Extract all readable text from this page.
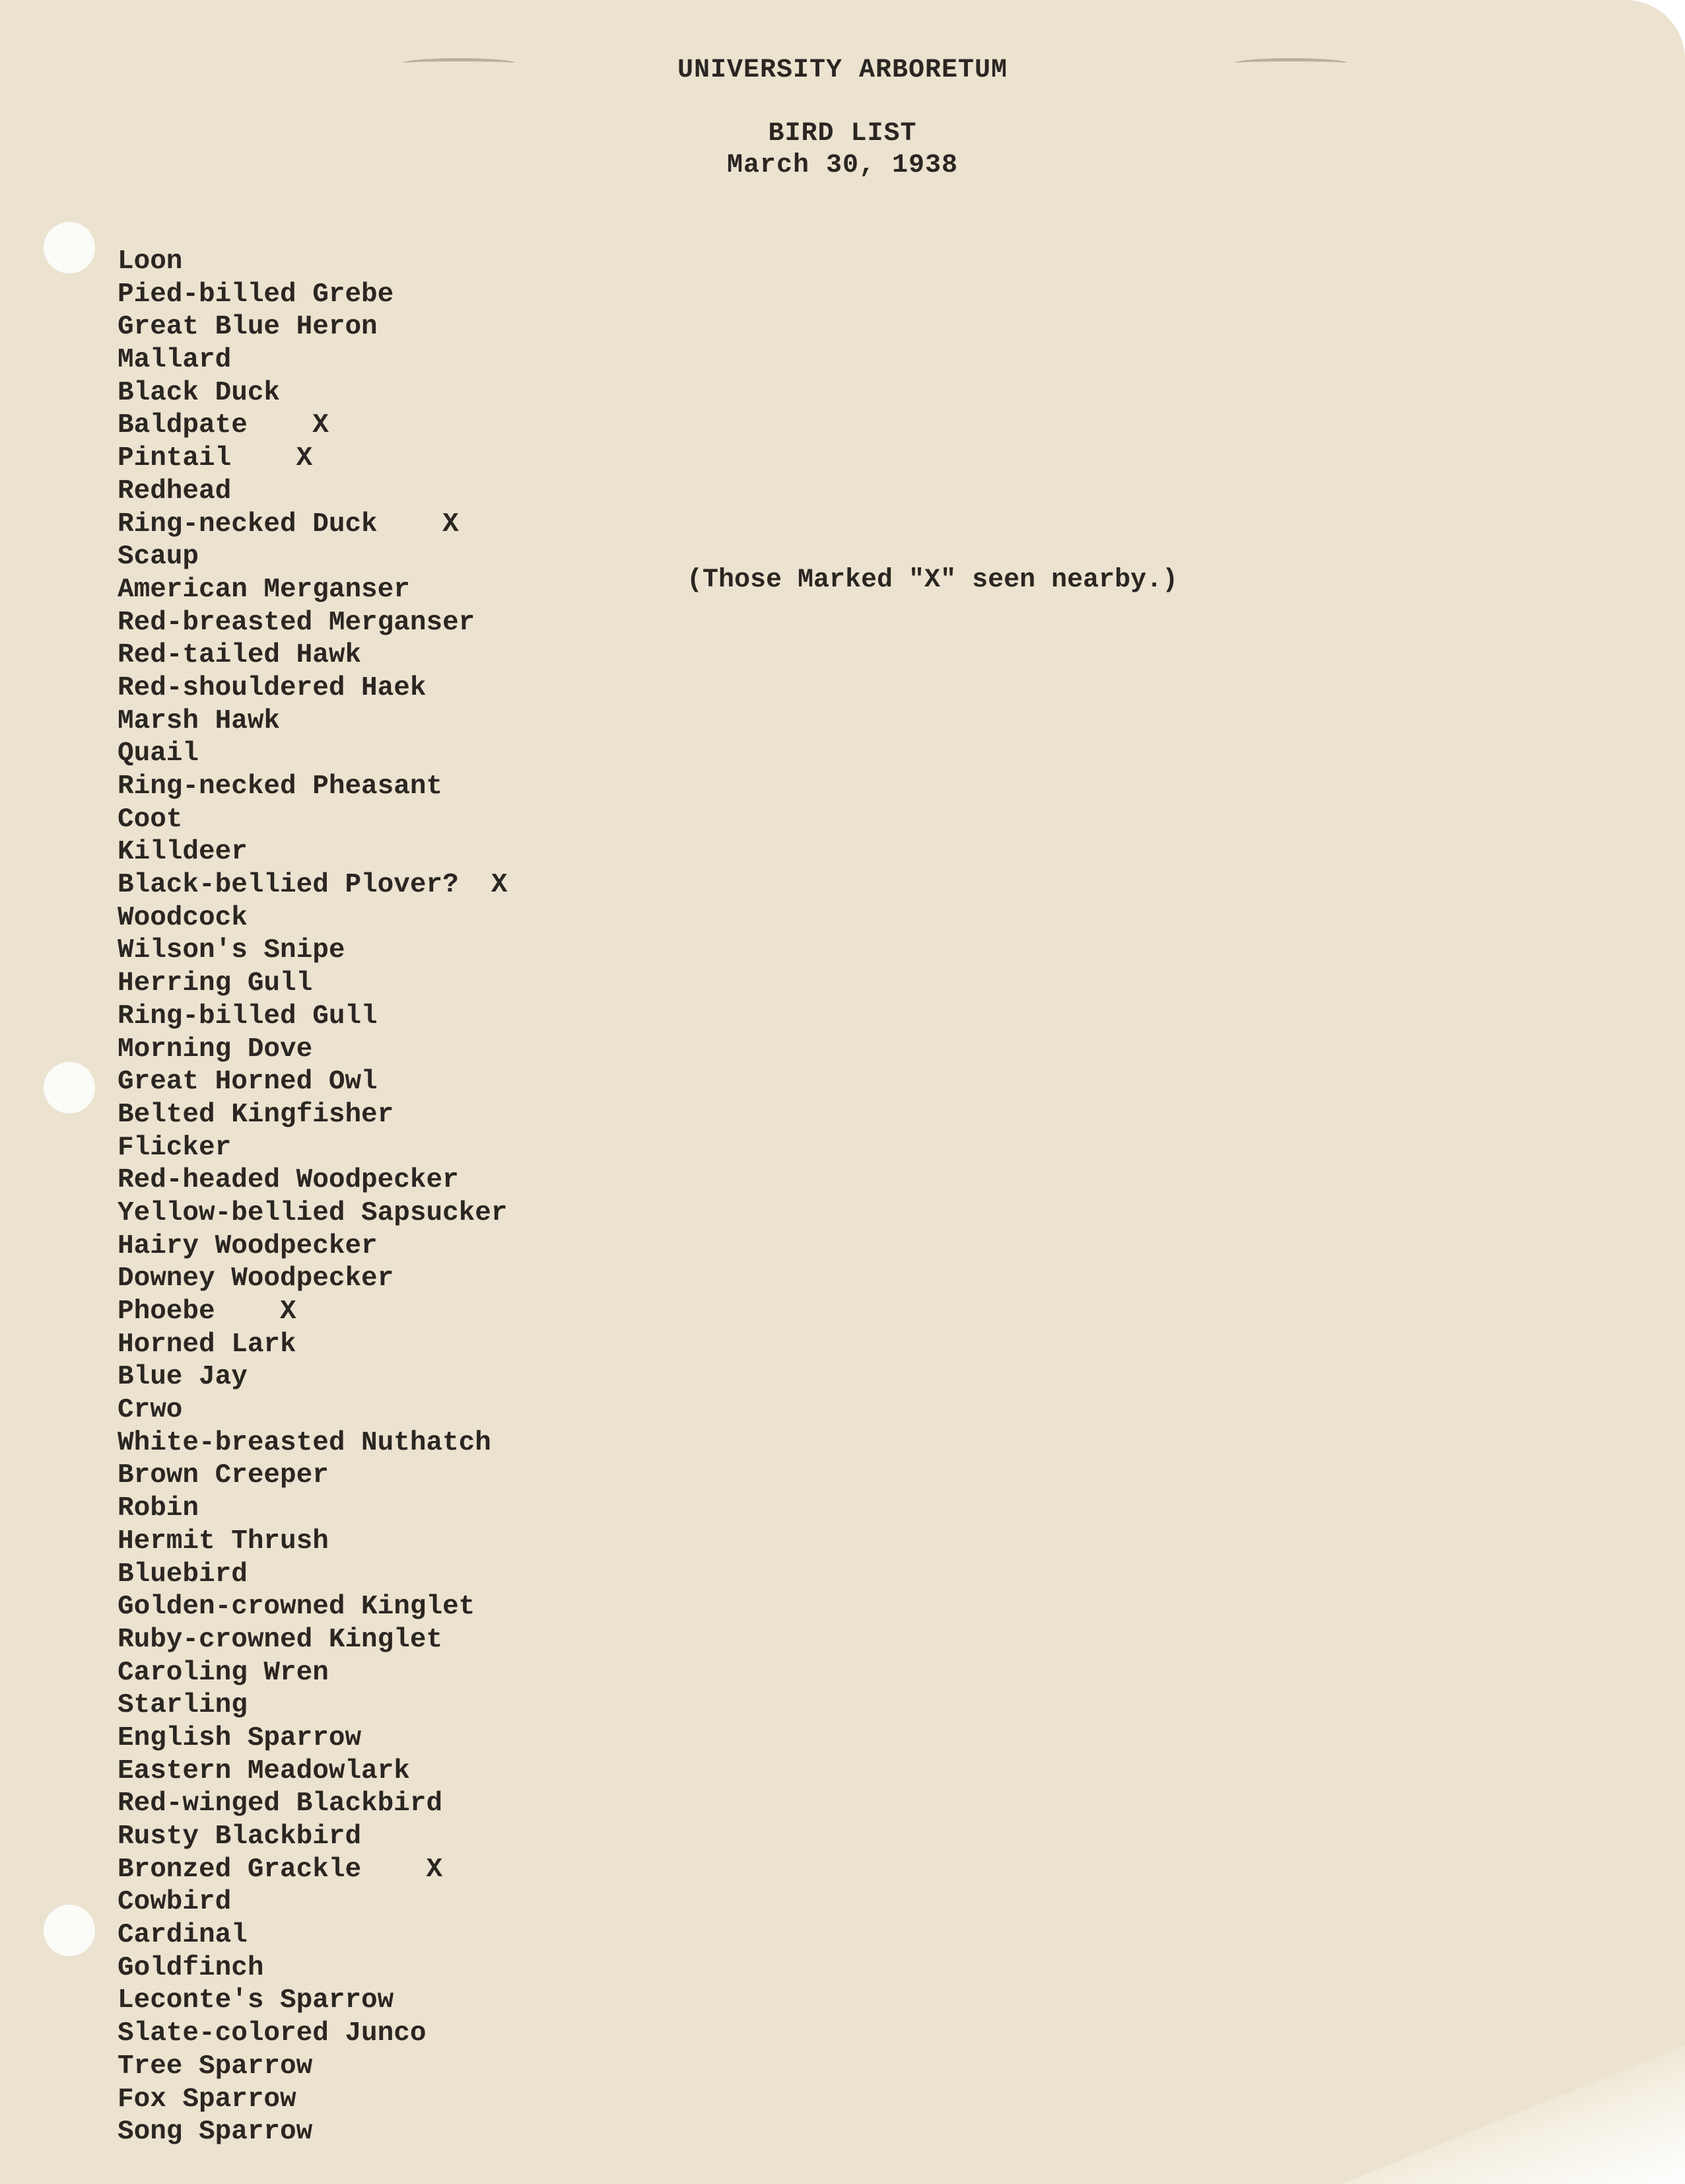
UNIVERSITY ARBORETUM
BIRD LIST
March 30, 1938
(Those Marked "X" seen nearby.)
Loon
Pied-billed Grebe
Great Blue Heron
Mallard
Black Duck
Baldpate    X
Pintail    X
Redhead
Ring-necked Duck    X
Scaup
American Merganser
Red-breasted Merganser
Red-tailed Hawk
Red-shouldered Haek
Marsh Hawk
Quail
Ring-necked Pheasant
Coot
Killdeer
Black-bellied Plover?  X
Woodcock
Wilson's Snipe
Herring Gull
Ring-billed Gull
Morning Dove
Great Horned Owl
Belted Kingfisher
Flicker
Red-headed Woodpecker
Yellow-bellied Sapsucker
Hairy Woodpecker
Downey Woodpecker
Phoebe    X
Horned Lark
Blue Jay
Crwo
White-breasted Nuthatch
Brown Creeper
Robin
Hermit Thrush
Bluebird
Golden-crowned Kinglet
Ruby-crowned Kinglet
Caroling Wren
Starling
English Sparrow
Eastern Meadowlark
Red-winged Blackbird
Rusty Blackbird
Bronzed Grackle    X
Cowbird
Cardinal
Goldfinch
Leconte's Sparrow
Slate-colored Junco
Tree Sparrow
Fox Sparrow
Song Sparrow
